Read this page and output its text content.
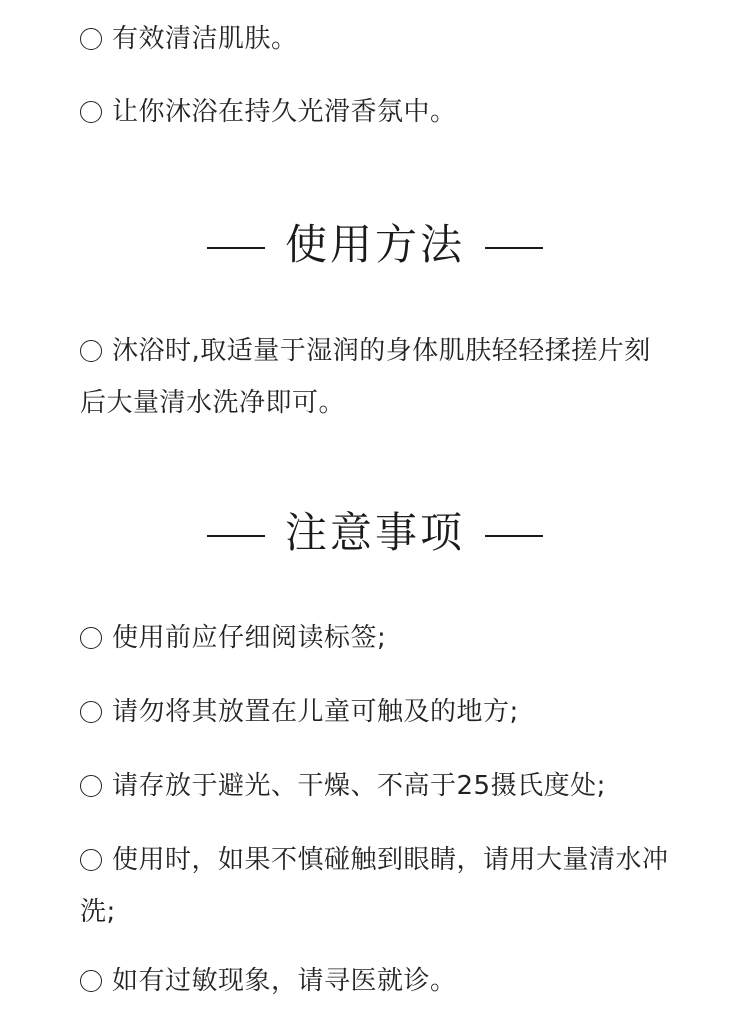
有效清洁肌肤。
让你沐浴在持久光滑香氛中。
使用方法
沐浴时,取适量于湿润的身体肌肤轻轻揉搓片刻后大量清水洗净即可。
注意事项
使用前应仔细阅读标签;
请勿将其放置在儿童可触及的地方;
请存放于避光、干燥、不高于25摄氏度处;
使用时，如果不慎碰触到眼睛，请用大量清水冲洗;
如有过敏现象，请寻医就诊。
